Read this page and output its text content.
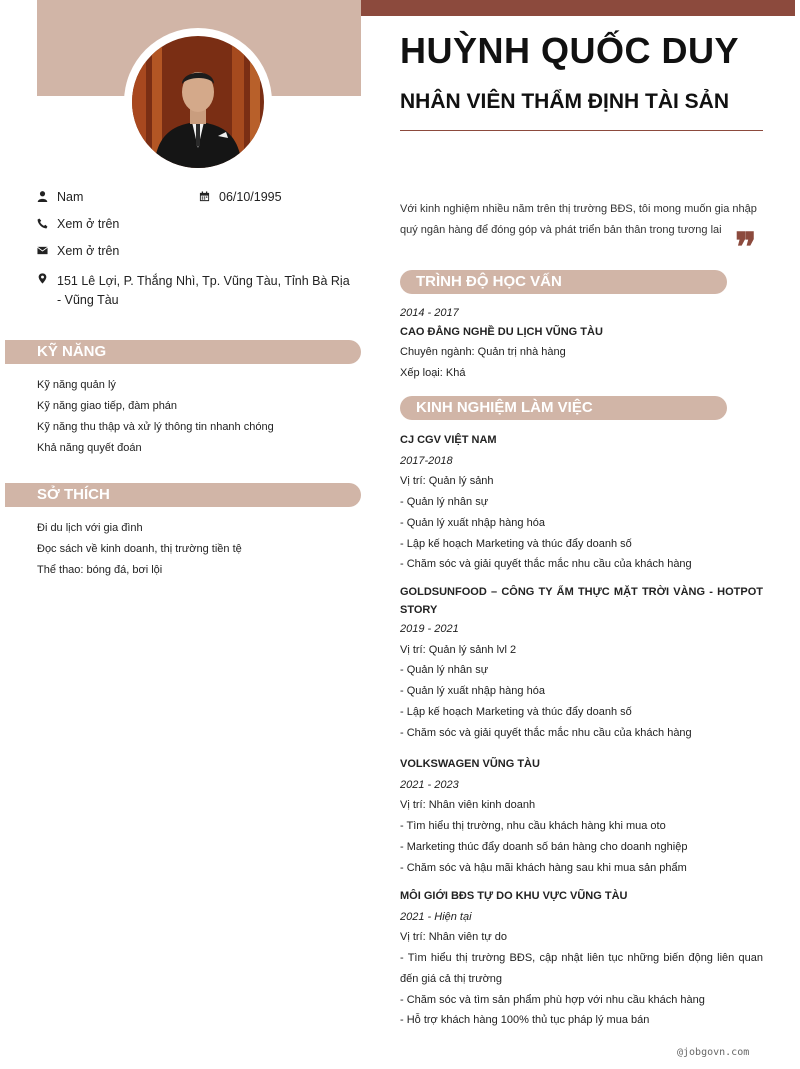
Nam	06/10/1995
Xem ở trên
Xem ở trên
151 Lê Lợi, P. Thắng Nhì, Tp. Vũng Tàu, Tỉnh Bà Rịa - Vũng Tàu
KỸ NĂNG
Kỹ năng quản lý
Kỹ năng giao tiếp, đàm phán
Kỹ năng thu thập và xử lý thông tin nhanh chóng
Khả năng quyết đoán
SỞ THÍCH
Đi du lịch với gia đình
Đọc sách về kinh doanh, thị trường tiền tệ
Thể thao: bóng đá, bơi lội
HUỲNH QUỐC DUY
NHÂN VIÊN THẨM ĐỊNH TÀI SẢN
Với kinh nghiệm nhiều năm trên thị trường BĐS, tôi mong muốn gia nhập quý ngân hàng để đóng góp và phát triển bản thân trong tương lai ❞
TRÌNH ĐỘ HỌC VẤN
2014 - 2017
CAO ĐẲNG NGHỀ DU LỊCH VŨNG TÀU
Chuyên ngành: Quản trị nhà hàng
Xếp loại: Khá
KINH NGHIỆM LÀM VIỆC
CJ CGV VIỆT NAM
2017-2018
Vị trí: Quản lý sảnh
- Quản lý nhân sự
- Quản lý xuất nhập hàng hóa
- Lập kế hoạch Marketing và thúc đẩy doanh số
- Chăm sóc và giải quyết thắc mắc nhu cầu của khách hàng
GOLDSUNFOOD – CÔNG TY ẨM THỰC MẶT TRỜI VÀNG - HOTPOT STORY
2019 - 2021
Vị trí: Quản lý sảnh lvl 2
- Quản lý nhân sự
- Quản lý xuất nhập hàng hóa
- Lập kế hoạch Marketing và thúc đẩy doanh số
- Chăm sóc và giải quyết thắc mắc nhu cầu của khách hàng
VOLKSWAGEN VŨNG TÀU
2021 - 2023
Vị trí: Nhân viên kinh doanh
- Tìm hiểu thị trường, nhu cầu khách hàng khi mua oto
- Marketing thúc đẩy doanh số bán hàng cho doanh nghiệp
- Chăm sóc và hậu mãi khách hàng sau khi mua sản phẩm
MÔI GIỚI BĐS TỰ DO KHU VỰC VŨNG TÀU
2021 - Hiện tại
Vị trí: Nhân viên tự do
- Tìm hiểu thị trường BĐS, cập nhật liên tục những biến động liên quan đến giá cả thị trường
- Chăm sóc và tìm sản phẩm phù hợp với nhu cầu khách hàng
- Hỗ trợ khách hàng 100% thủ tục pháp lý mua bán
@jobgovn.com
